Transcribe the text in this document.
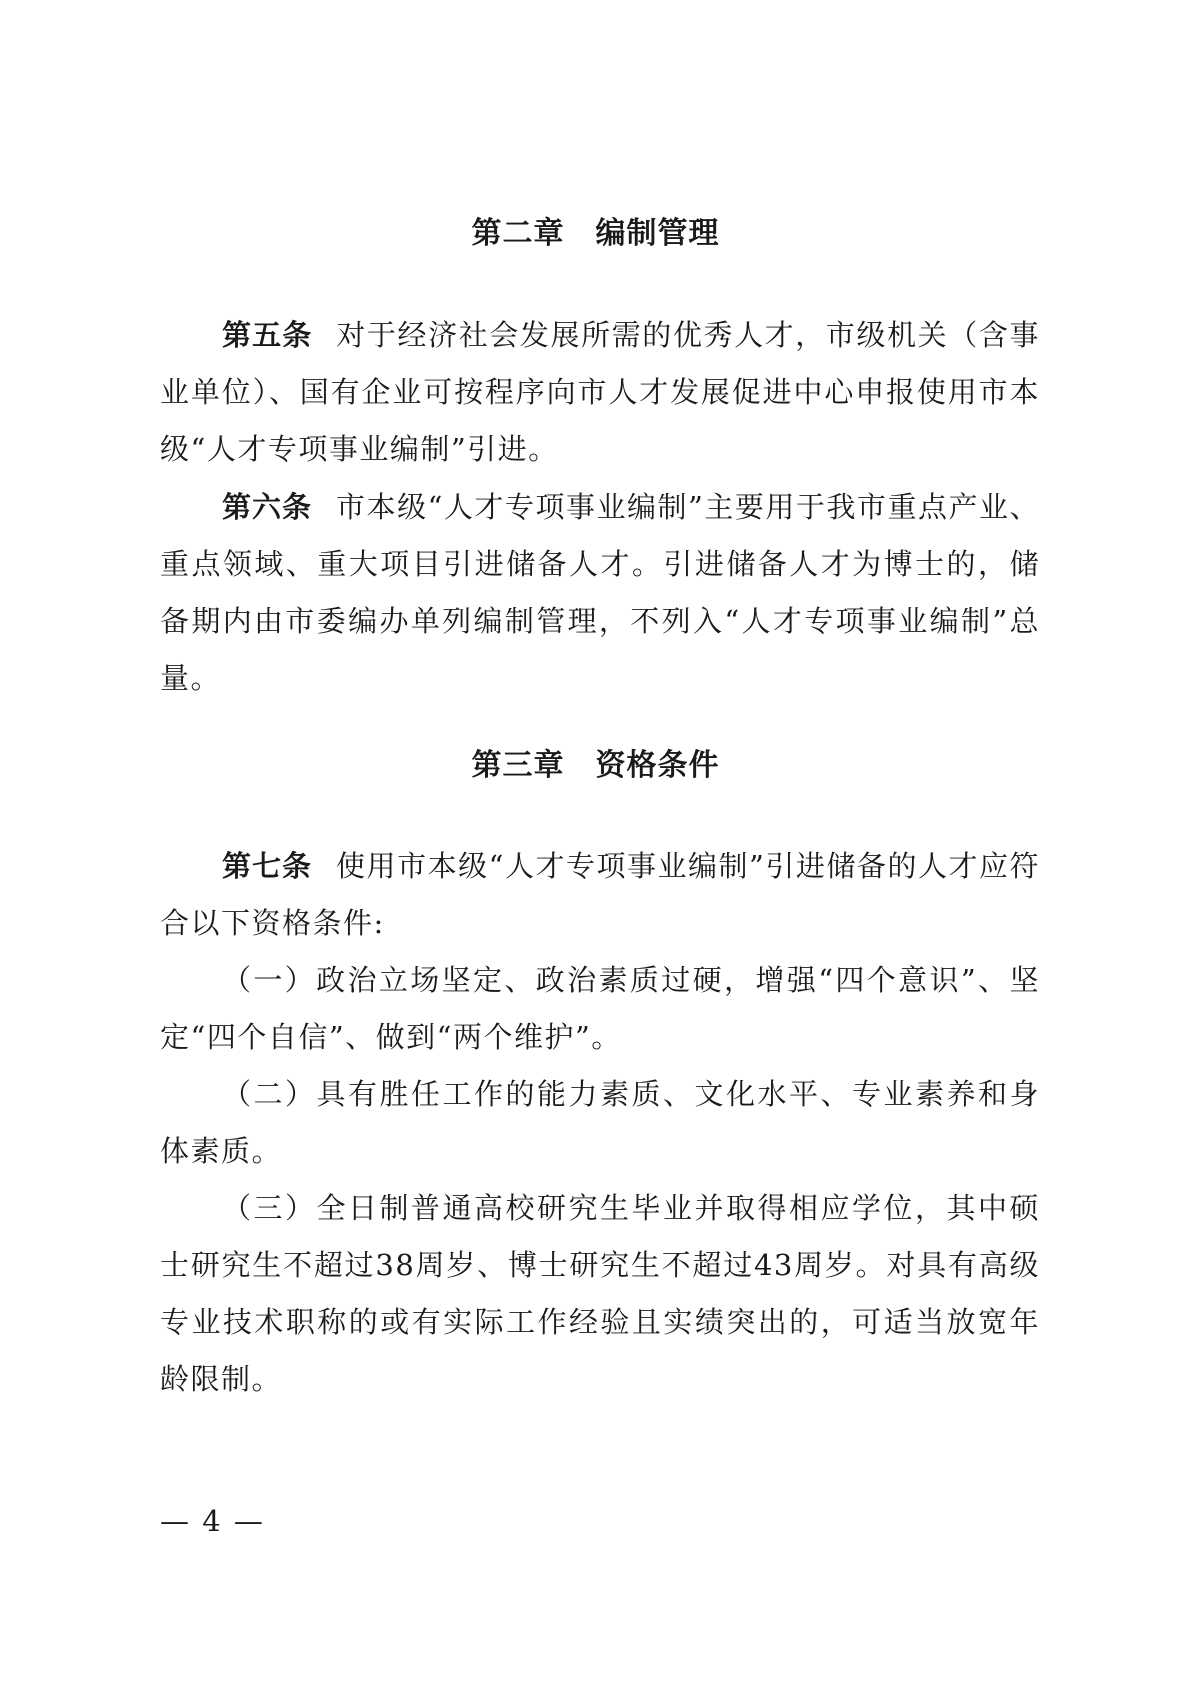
第二章　编制管理
第五条 对于经济社会发展所需的优秀人才，市级机关（含事业单位）、国有企业可按程序向市人才发展促进中心申报使用市本级“人才专项事业编制”引进。
第六条 市本级“人才专项事业编制”主要用于我市重点产业、重点领域、重大项目引进储备人才。引进储备人才为博士的，储备期内由市委编办单列编制管理，不列入“人才专项事业编制”总量。
第三章　资格条件
第七条 使用市本级“人才专项事业编制”引进储备的人才应符合以下资格条件:
（一）政治立场坚定、政治素质过硬，增强“四个意识”、坚定“四个自信”、做到“两个维护”。
（二）具有胜任工作的能力素质、文化水平、专业素养和身体素质。
（三）全日制普通高校研究生毕业并取得相应学位，其中硕士研究生不超过38周岁、博士研究生不超过43周岁。对具有高级专业技术职称的或有实际工作经验且实绩突出的，可适当放宽年龄限制。
— 4 —
